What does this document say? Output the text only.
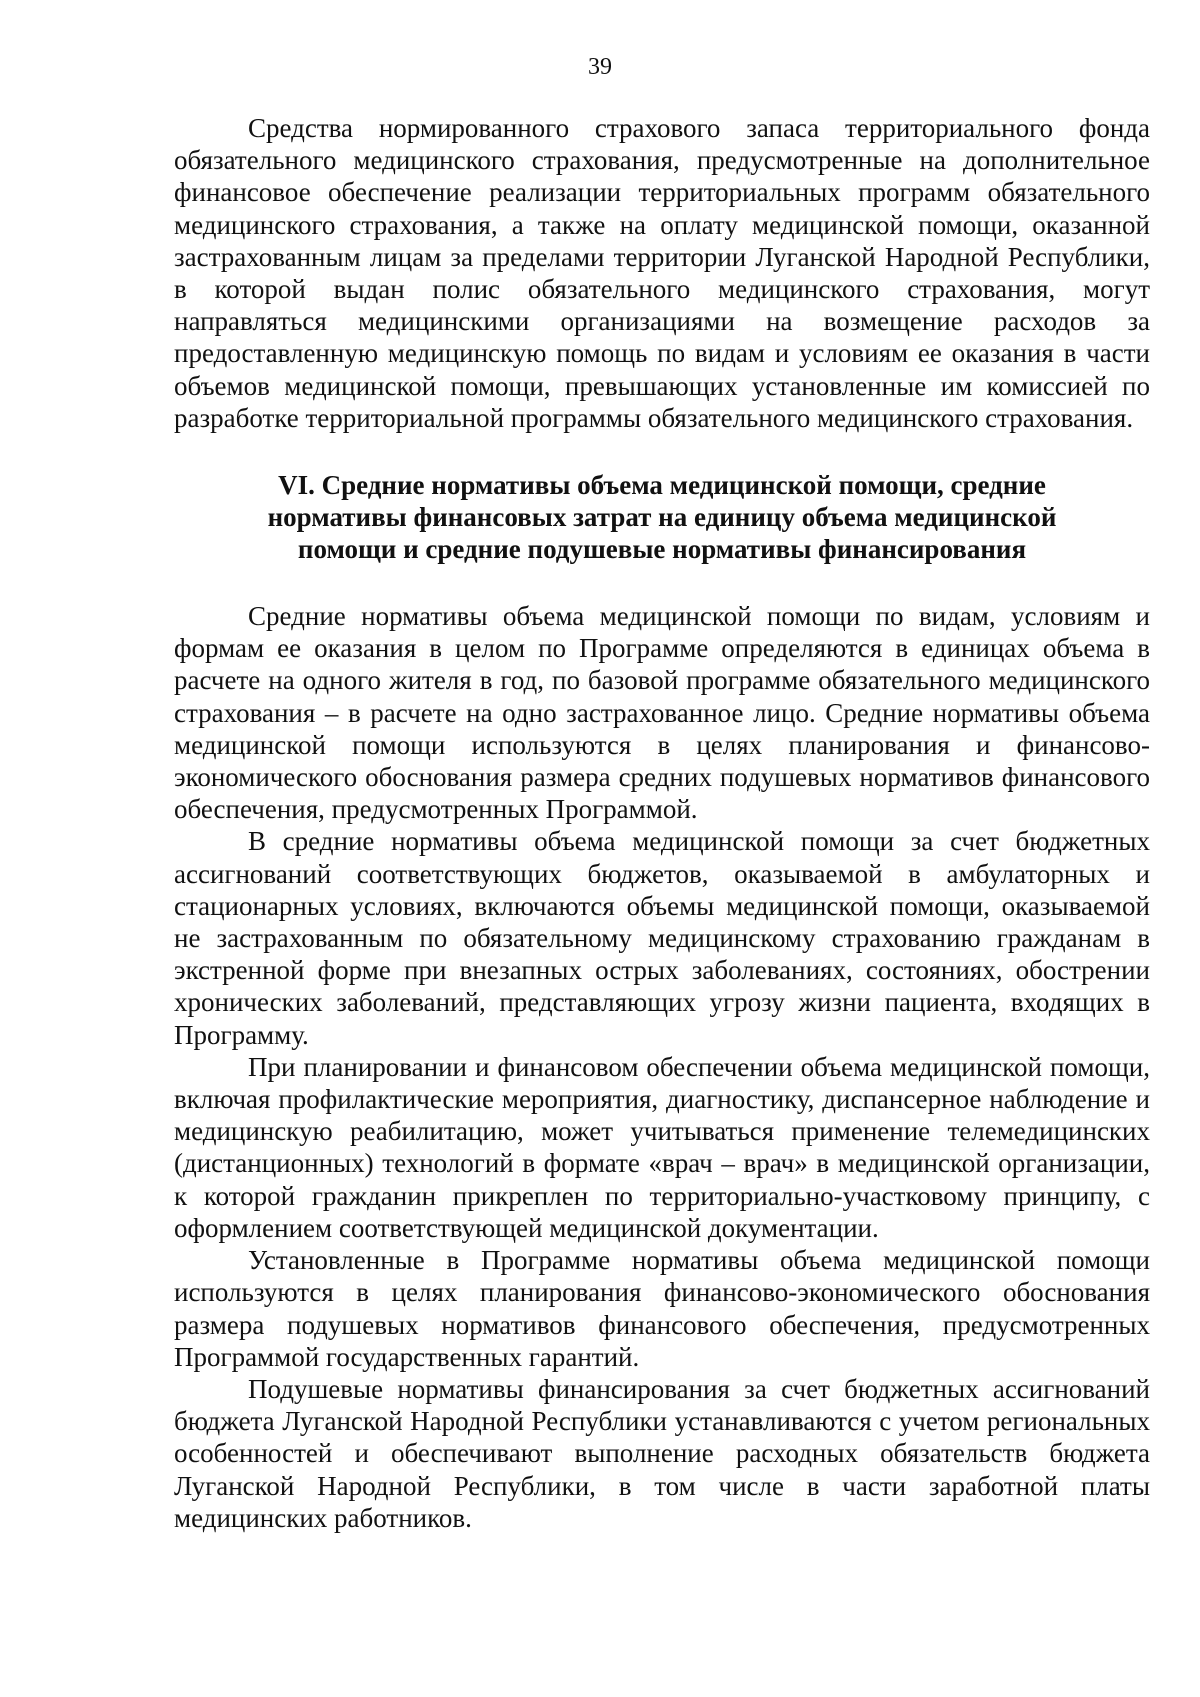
39

Средства нормированного страхового запаса территориального фонда обязательного медицинского страхования, предусмотренные на дополнительное финансовое обеспечение реализации территориальных программ обязательного медицинского страхования, а также на оплату медицинской помощи, оказанной застрахованным лицам за пределами территории Луганской Народной Республики, в которой выдан полис обязательного медицинского страхования, могут направляться медицинскими организациями на возмещение расходов за предоставленную медицинскую помощь по видам и условиям ее оказания в части объемов медицинской помощи, превышающих установленные им комиссией по разработке территориальной программы обязательного медицинского страхования.

VI. Средние нормативы объема медицинской помощи, средние
нормативы финансовых затрат на единицу объема медицинской
помощи и средние подушевые нормативы финансирования

Средние нормативы объема медицинской помощи по видам, условиям и формам ее оказания в целом по Программе определяются в единицах объема в расчете на одного жителя в год, по базовой программе обязательного медицинского страхования – в расчете на одно застрахованное лицо. Средние нормативы объема медицинской помощи используются в целях планирования и финансово-экономического обоснования размера средних подушевых нормативов финансового обеспечения, предусмотренных Программой.

В средние нормативы объема медицинской помощи за счет бюджетных ассигнований соответствующих бюджетов, оказываемой в амбулаторных и стационарных условиях, включаются объемы медицинской помощи, оказываемой не застрахованным по обязательному медицинскому страхованию гражданам в экстренной форме при внезапных острых заболеваниях, состояниях, обострении хронических заболеваний, представляющих угрозу жизни пациента, входящих в Программу.

При планировании и финансовом обеспечении объема медицинской помощи, включая профилактические мероприятия, диагностику, диспансерное наблюдение и медицинскую реабилитацию, может учитываться применение телемедицинских (дистанционных) технологий в формате «врач – врач» в медицинской организации, к которой гражданин прикреплен по территориально-участковому принципу, с оформлением соответствующей медицинской документации.

Установленные в Программе нормативы объема медицинской помощи используются в целях планирования финансово-экономического обоснования размера подушевых нормативов финансового обеспечения, предусмотренных Программой государственных гарантий.

Подушевые нормативы финансирования за счет бюджетных ассигнований бюджета Луганской Народной Республики устанавливаются с учетом региональных особенностей и обеспечивают выполнение расходных обязательств бюджета Луганской Народной Республики, в том числе в части заработной платы медицинских работников.
